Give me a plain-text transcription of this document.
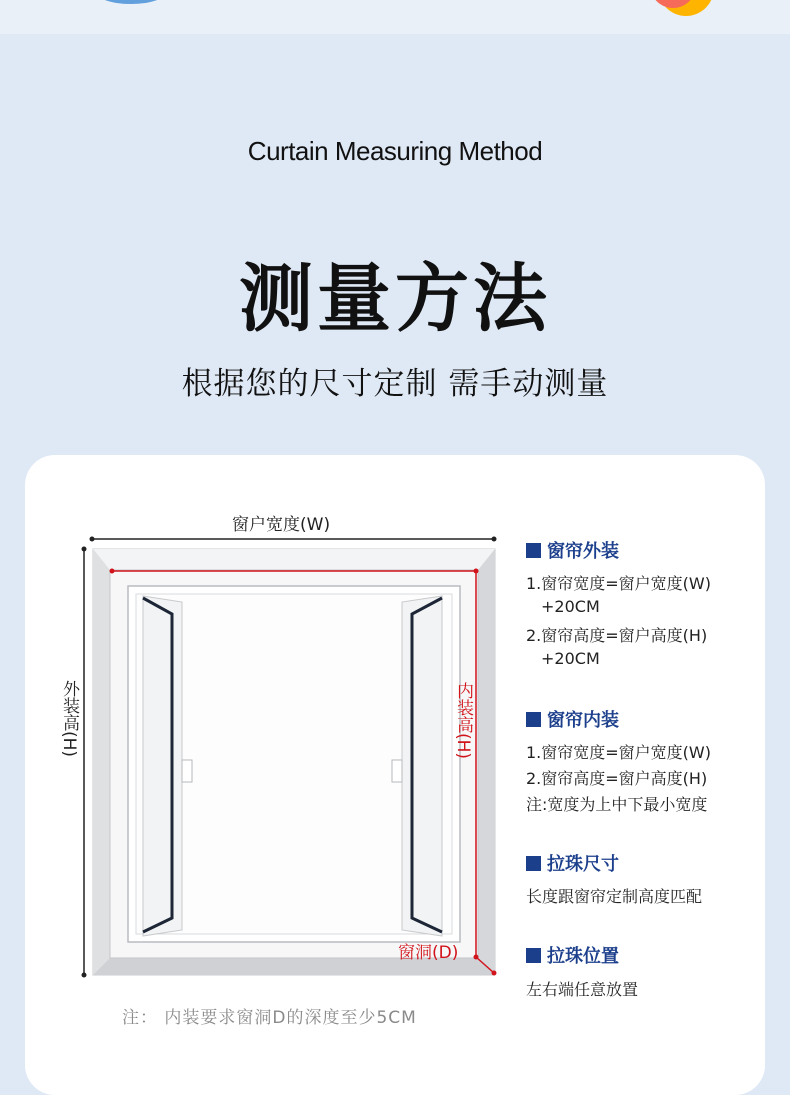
Curtain Measuring Method
测量方法
根据您的尺寸定制 需手动测量
窗户宽度(W)
外装高(H)	内装高(H)
窗洞(D)
注： 内装要求窗洞D的深度至少5CM
窗帘外装
1.窗帘宽度=窗户宽度(W)
+20CM
2.窗帘高度=窗户高度(H)
+20CM
窗帘内装
1.窗帘宽度=窗户宽度(W)
2.窗帘高度=窗户高度(H)
注:宽度为上中下最小宽度
拉珠尺寸
长度跟窗帘定制高度匹配
拉珠位置
左右端任意放置
